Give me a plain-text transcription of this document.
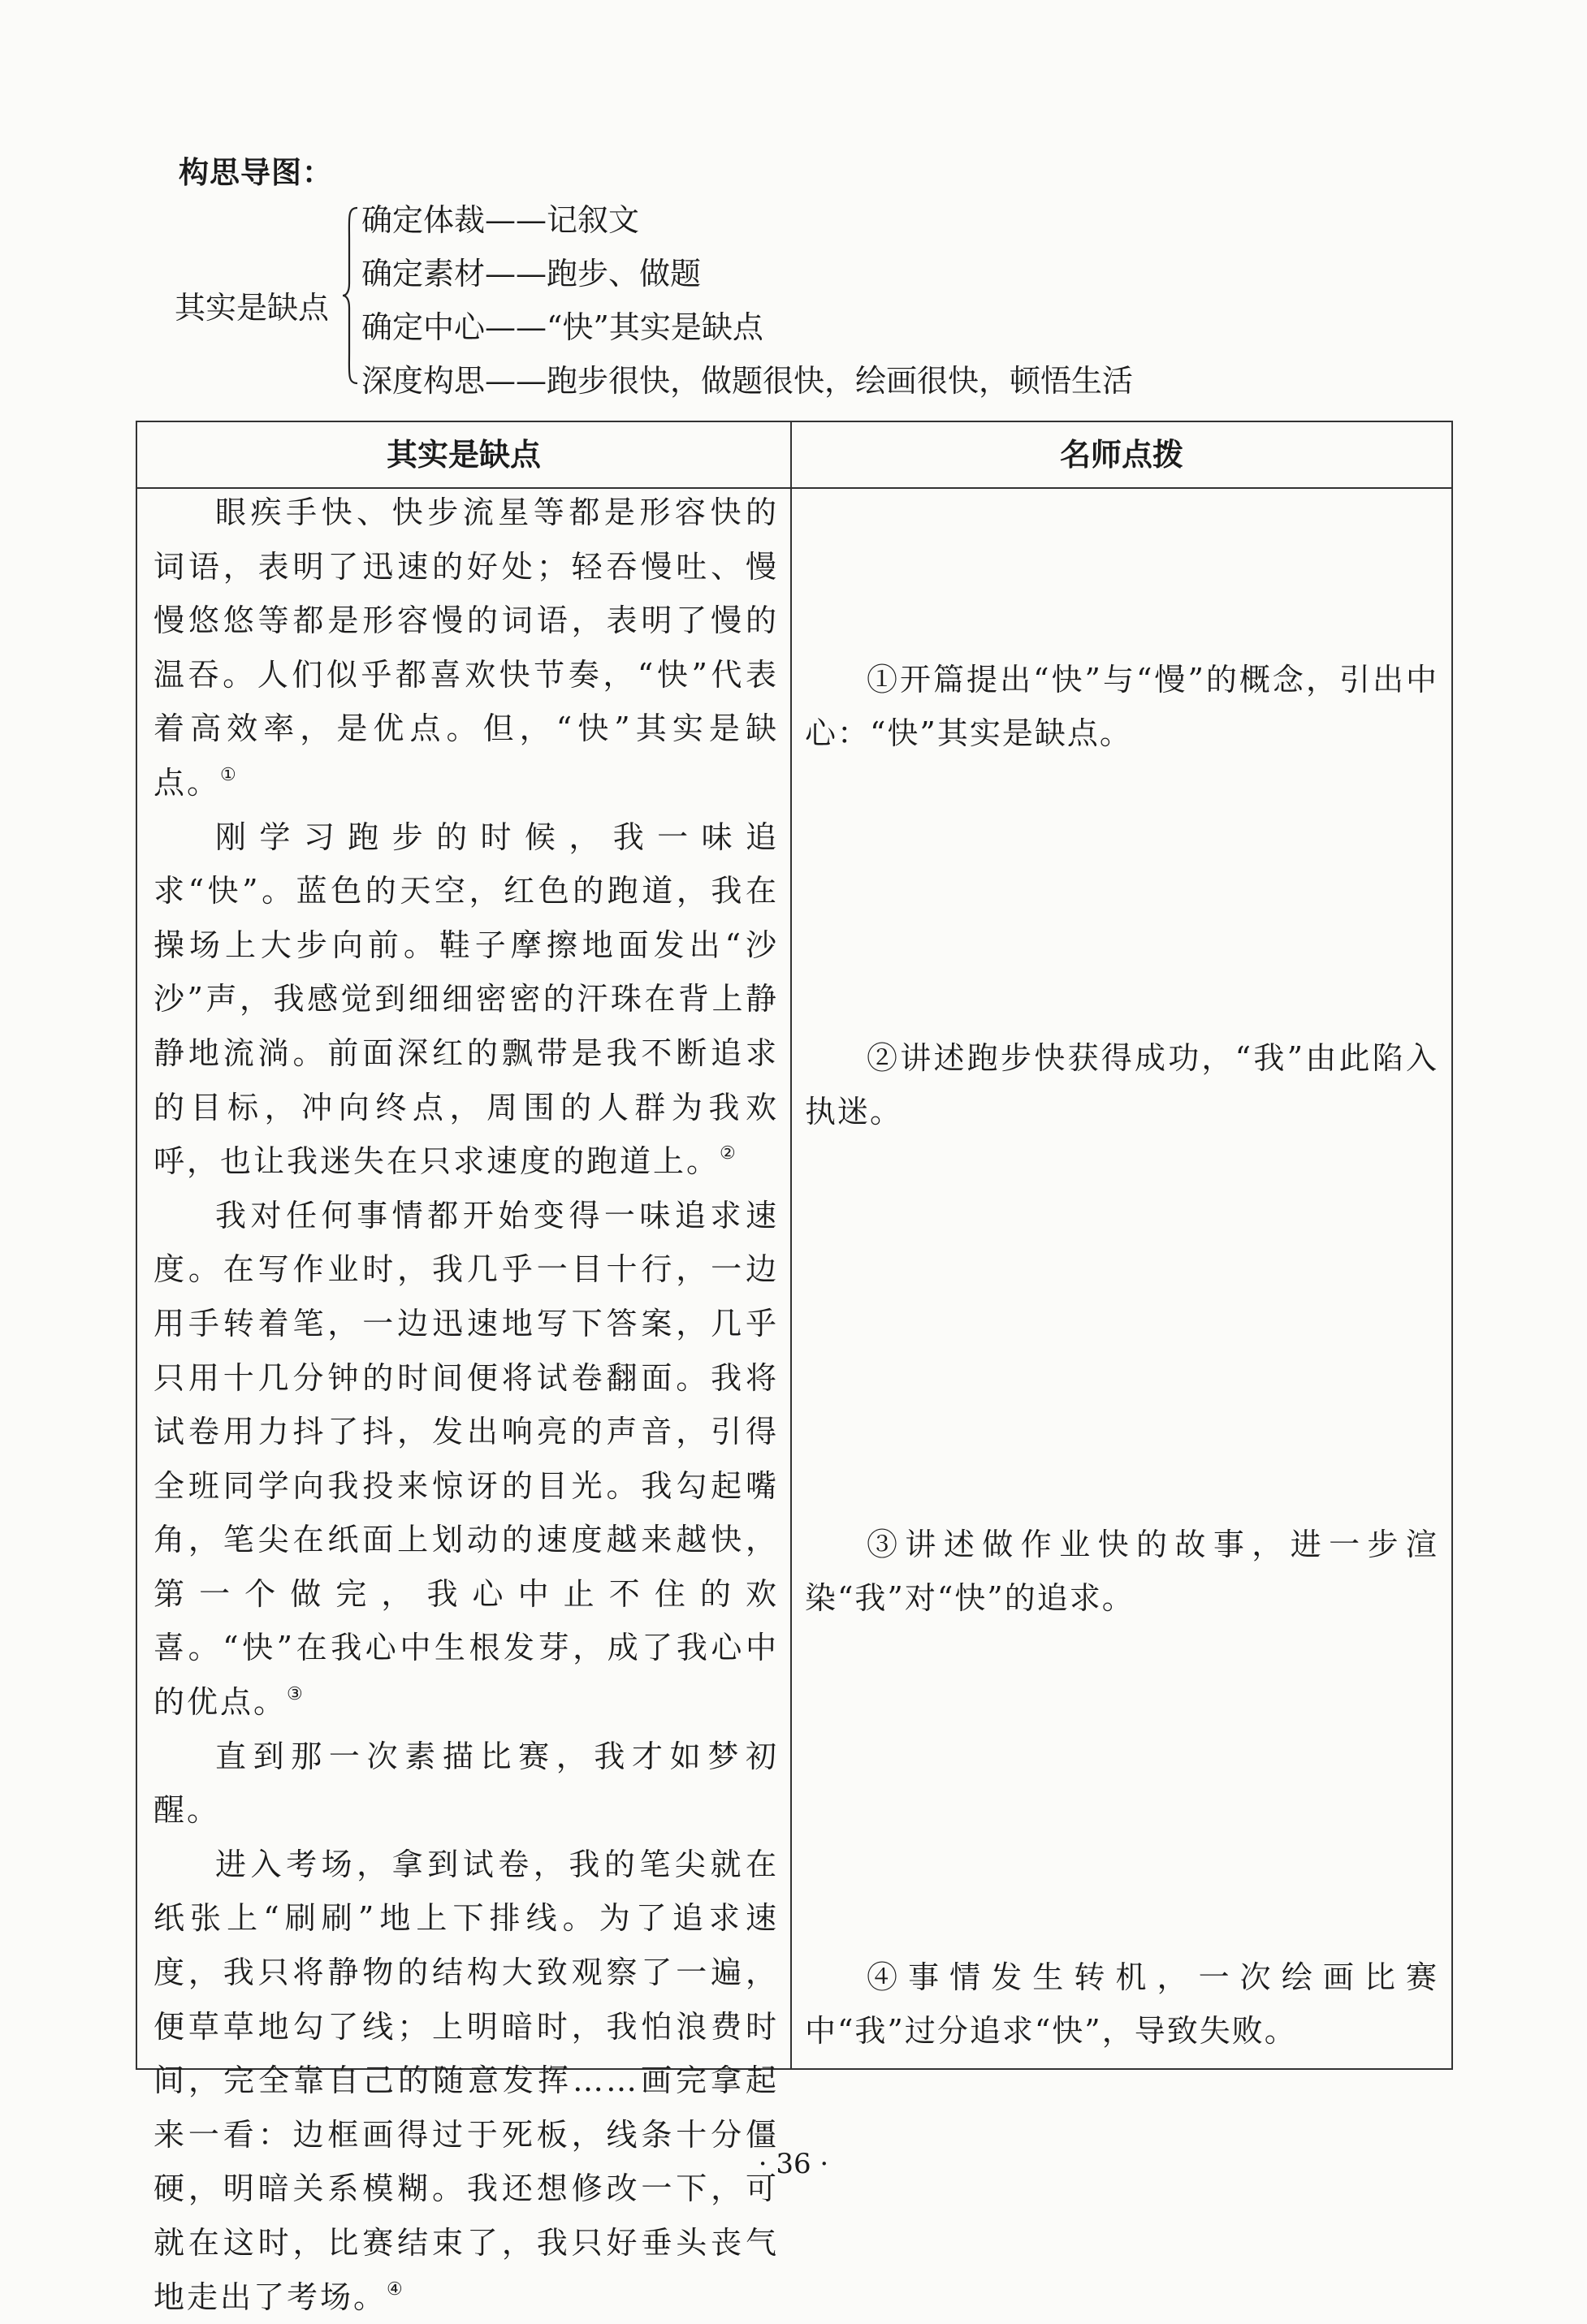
构思导图：
其实是缺点
确定体裁——记叙文
确定素材——跑步、做题
确定中心——“快”其实是缺点
深度构思——跑步很快，做题很快，绘画很快，顿悟生活
其实是缺点	名师点拨

眼疾手快、快步流星等都是形容快的词语，表明了迅速的好处；轻吞慢吐、慢慢悠悠等都是形容慢的词语，表明了慢的温吞。人们似乎都喜欢快节奏，“快”代表着高效率，是优点。但，“快”其实是缺点。①

刚学习跑步的时候，我一味追求“快”。蓝色的天空，红色的跑道，我在操场上大步向前。鞋子摩擦地面发出“沙沙”声，我感觉到细细密密的汗珠在背上静静地流淌。前面深红的飘带是我不断追求的目标，冲向终点，周围的人群为我欢呼，也让我迷失在只求速度的跑道上。②

我对任何事情都开始变得一味追求速度。在写作业时，我几乎一目十行，一边用手转着笔，一边迅速地写下答案，几乎只用十几分钟的时间便将试卷翻面。我将试卷用力抖了抖，发出响亮的声音，引得全班同学向我投来惊讶的目光。我勾起嘴角，笔尖在纸面上划动的速度越来越快，第一个做完，我心中止不住的欢喜。“快”在我心中生根发芽，成了我心中的优点。③

直到那一次素描比赛，我才如梦初醒。

进入考场，拿到试卷，我的笔尖就在纸张上“刷刷”地上下排线。为了追求速度，我只将静物的结构大致观察了一遍，便草草地勾了线；上明暗时，我怕浪费时间，完全靠自己的随意发挥……画完拿起来一看：边框画得过于死板，线条十分僵硬，明暗关系模糊。我还想修改一下，可就在这时，比赛结束了，我只好垂头丧气地走出了考场。④

①开篇提出“快”与“慢”的概念，引出中心：“快”其实是缺点。
②讲述跑步快获得成功，“我”由此陷入执迷。
③讲述做作业快的故事，进一步渲染“我”对“快”的追求。
④事情发生转机，一次绘画比赛中“我”过分追求“快”，导致失败。
· 36 ·
